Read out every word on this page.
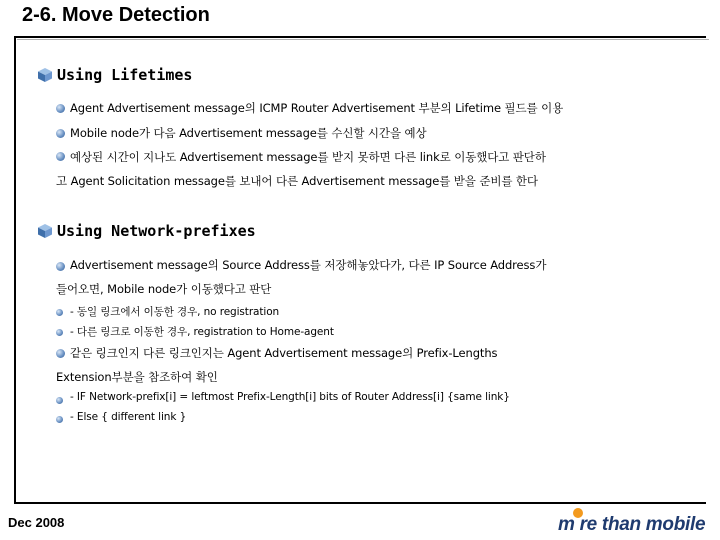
2-6. Move Detection
Using Lifetimes
Agent Advertisement message의 ICMP Router Advertisement 부분의 Lifetime 필드를 이용
Mobile node가 다음 Advertisement message를 수신할 시간을 예상
예상된 시간이 지나도 Advertisement message를 받지 못하면 다른 link로 이동했다고 판단하
고 Agent Solicitation message를 보내어 다른 Advertisement message를 받을 준비를 한다
Using Network-prefixes
Advertisement message의 Source Address를 저장해놓았다가, 다른 IP Source Address가
들어오면, Mobile node가 이동했다고 판단
- 동일 링크에서 이동한 경우, no registration
- 다른 링크로 이동한 경우, registration to Home-agent
같은 링크인지 다른 링크인지는 Agent Advertisement message의 Prefix-Lengths
Extension부분을 참조하여 확인
- IF Network-prefix[i] = leftmost Prefix-Length[i] bits of Router Address[i] {same link}
- Else { different link }
Dec 2008	m re than mobile
